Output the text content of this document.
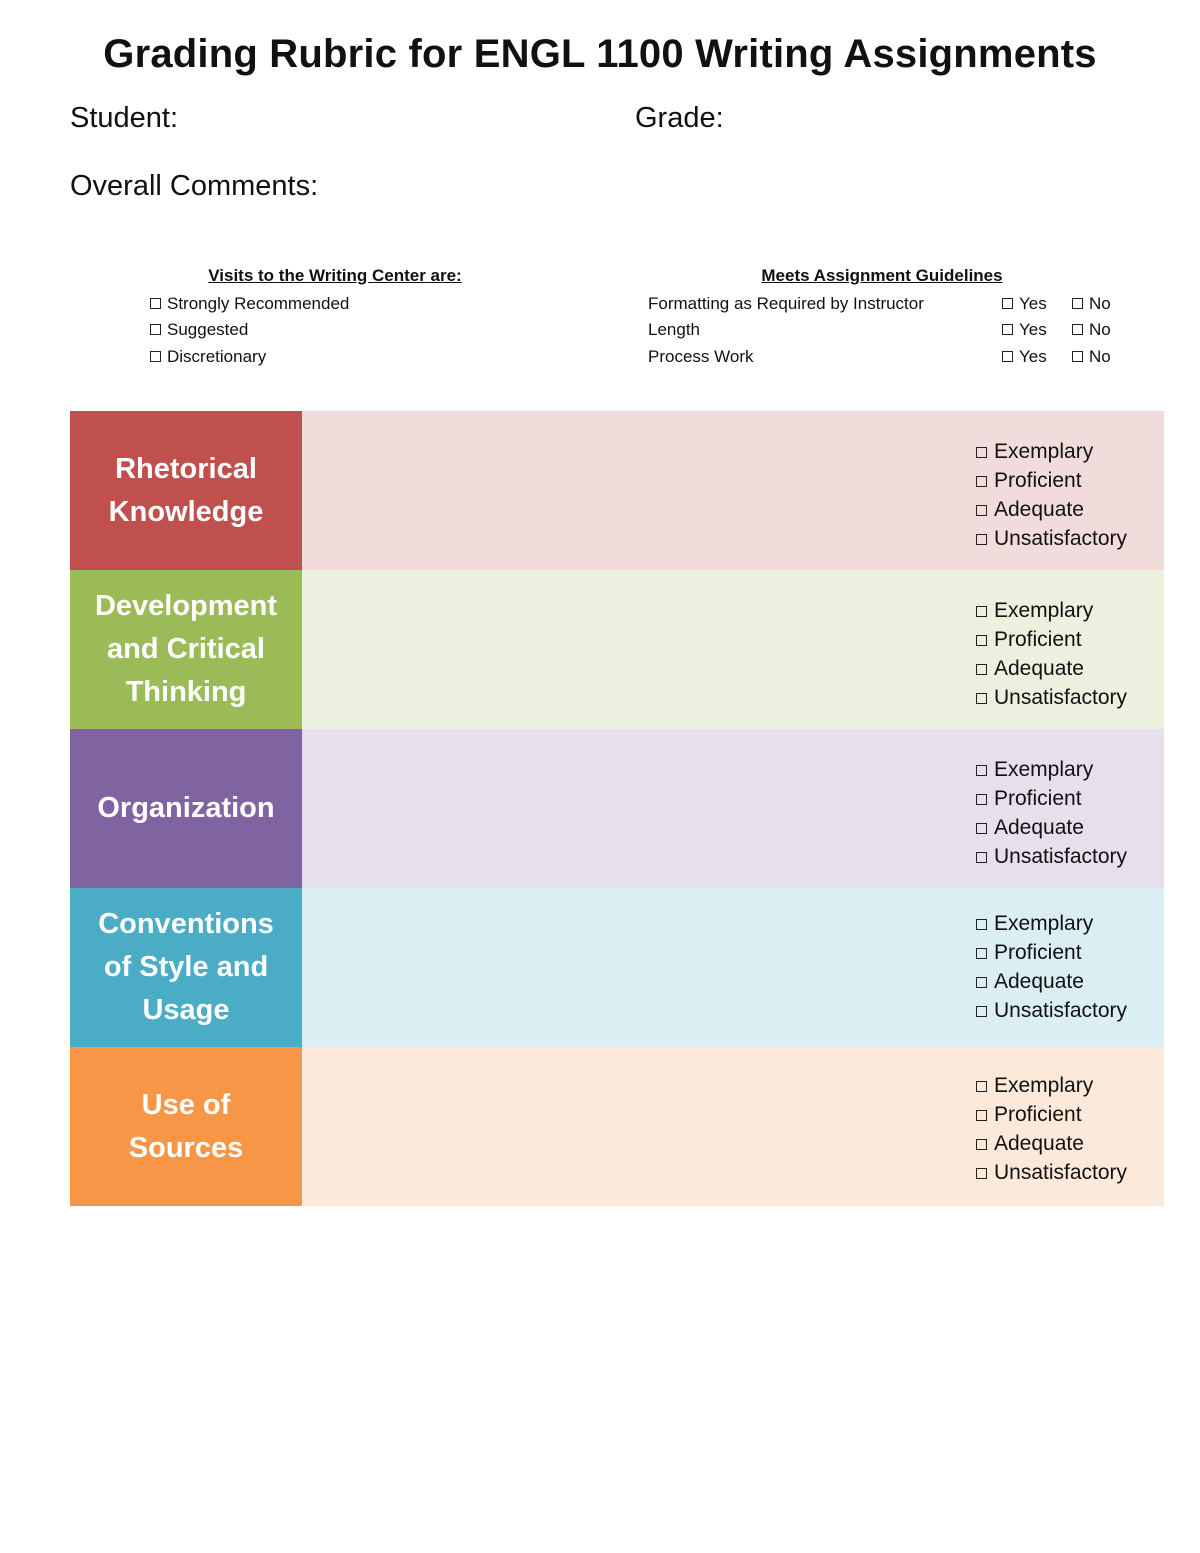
Grading Rubric for ENGL 1100 Writing Assignments
Student:	Grade:
Overall Comments:
Visits to the Writing Center are:
Strongly Recommended
Suggested
Discretionary
Meets Assignment Guidelines
Formatting as Required by Instructor	Yes	No
Length	Yes	No
Process Work	Yes	No
Rhetorical Knowledge
Exemplary
Proficient
Adequate
Unsatisfactory
Development and Critical Thinking
Exemplary
Proficient
Adequate
Unsatisfactory
Organization
Exemplary
Proficient
Adequate
Unsatisfactory
Conventions of Style and Usage
Exemplary
Proficient
Adequate
Unsatisfactory
Use of Sources
Exemplary
Proficient
Adequate
Unsatisfactory
